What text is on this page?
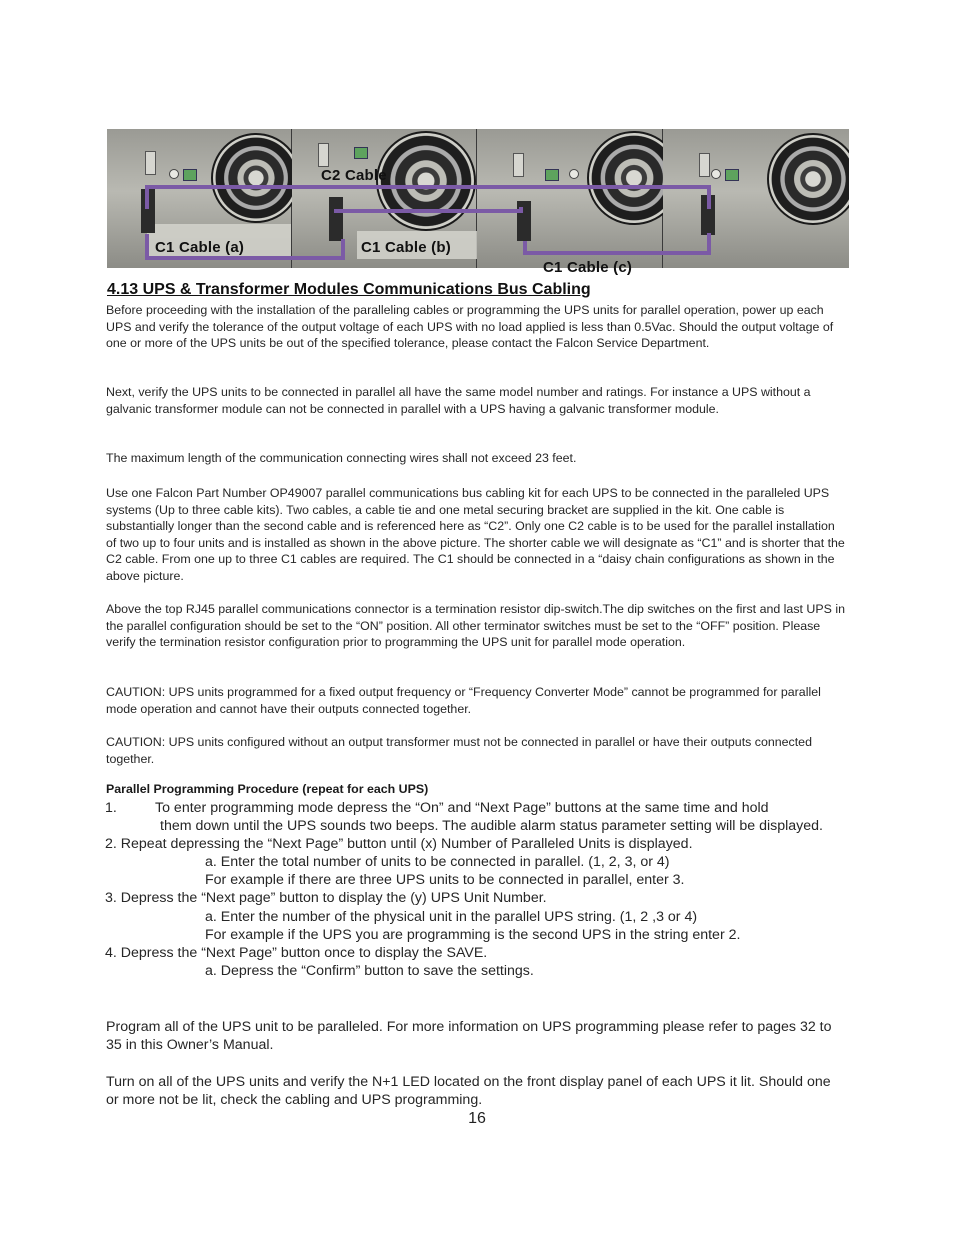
C2 Cable
C1 Cable (a)	C1 Cable (b)
C1 Cable (c)
4.13 UPS & Transformer Modules Communications Bus Cabling

Before proceeding with the installation of the paralleling cables or programming the UPS units for parallel operation, power up each UPS and verify the tolerance of the output voltage of each UPS with no load applied is less than 0.5Vac. Should the output voltage of one or more of the UPS units be out of the specified tolerance, please contact the Falcon Service Department.

Next, verify the UPS units to be connected in parallel all have the same model number and ratings. For instance a UPS without a galvanic transformer module can not be connected in parallel with a UPS having a galvanic transformer module.

The maximum length of the communication connecting wires shall not exceed 23 feet.

Use one Falcon Part Number OP49007 parallel communications bus cabling kit for each UPS to be connected in the paralleled UPS systems (Up to three cable kits). Two cables, a cable tie and one metal securing bracket are supplied in the kit. One cable is substantially longer than the second cable and is referenced here as “C2”. Only one C2 cable is to be used for the parallel installation of two up to four units and is installed as shown in the above picture. The shorter cable we will designate as “C1” and is shorter that the C2 cable. From one up to three C1 cables are required. The C1 should be connected in a “daisy chain configurations as shown in the above picture.

Above the top RJ45 parallel communications connector is a termination resistor dip-switch.The dip switches on the first and last UPS in the parallel configuration should be set to the “ON” position. All other terminator switches must be set to the “OFF” position. Please verify the termination resistor configuration prior to programming the UPS unit for parallel mode operation.

CAUTION: UPS units programmed for a fixed output frequency or “Frequency Converter Mode” cannot be programmed for parallel mode operation and cannot have their outputs connected together.

CAUTION: UPS units configured without an output transformer must not be connected in parallel or have their outputs connected together.

Parallel Programming Procedure (repeat for each UPS)

1.	To enter programming mode depress the “On” and “Next Page” buttons at the same time and hold
them down until the UPS sounds two beeps. The audible alarm status parameter setting will be displayed.
2. Repeat depressing the “Next Page” button until (x) Number of Paralleled Units is displayed.
a. Enter the total number of units to be connected in parallel. (1, 2, 3, or 4)
For example if there are three UPS units to be connected in parallel, enter 3.
3. Depress the “Next page” button to display the (y) UPS Unit Number.
a. Enter the number of the physical unit in the parallel UPS string. (1, 2 ,3 or 4)
For example if the UPS you are programming is the second UPS in the string enter 2.
4. Depress the “Next Page” button once to display the SAVE.
a. Depress the “Confirm” button to save the settings.

Program all of the UPS unit to be paralleled. For more information on UPS programming please refer to pages 32 to 35 in this Owner’s Manual.

Turn on all of the UPS units and verify the N+1 LED located on the front display panel of each UPS it lit. Should one or more not be lit, check the cabling and UPS programming.

16
